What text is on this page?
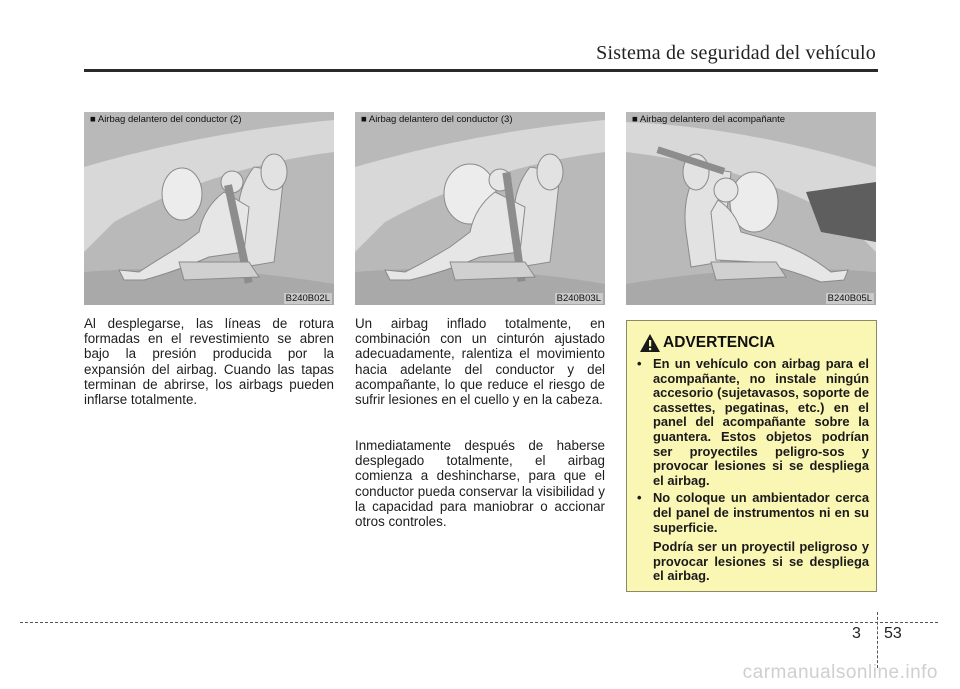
Sistema de seguridad del vehículo
■ Airbag delantero del conductor (2)
B240B02L
■ Airbag delantero del conductor (3)
B240B03L
■ Airbag delantero del acompañante
B240B05L

Al desplegarse, las líneas de rotura formadas en el revestimiento se abren bajo la presión producida por la expansión del airbag. Cuando las tapas terminan de abrirse, los airbags pueden inflarse totalmente.

Un airbag inflado totalmente, en combinación con un cinturón ajustado adecuadamente, ralentiza el movimiento hacia adelante del conductor y del acompañante, lo que reduce el riesgo de sufrir lesiones en el cuello y en la cabeza.

Inmediatamente después de haberse desplegado totalmente, el airbag comienza a deshincharse, para que el conductor pueda conservar la visibilidad y la capacidad para maniobrar o accionar otros controles.

ADVERTENCIA
• En un vehículo con airbag para el acompañante, no instale ningún accesorio (sujetavasos, soporte de cassettes, pegatinas, etc.) en el panel del acompañante sobre la guantera. Estos objetos podrían ser proyectiles peligro-sos y provocar lesiones si se despliega el airbag.
• No coloque un ambientador cerca del panel de instrumentos ni en su superficie.

Podría ser un proyectil peligroso y provocar lesiones si se despliega el airbag.

3 53
carmanualsonline.info
